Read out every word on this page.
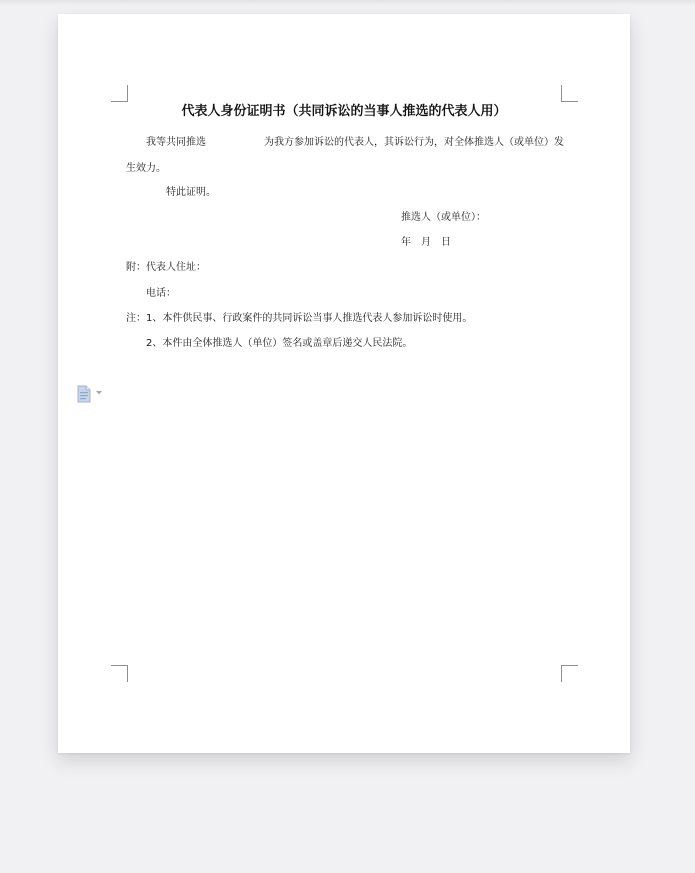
代表人身份证明书（共同诉讼的当事人推选的代表人用）
我等共同推选	为我方参加诉讼的代表人，其诉讼行为，对全体推选人（或单位）发
生效力。
特此证明。
推选人（或单位）：
年　月　日
附：代表人住址：
电话：
注：1、本件供民事、行政案件的共同诉讼当事人推选代表人参加诉讼时使用。
2、本件由全体推选人（单位）签名或盖章后递交人民法院。
